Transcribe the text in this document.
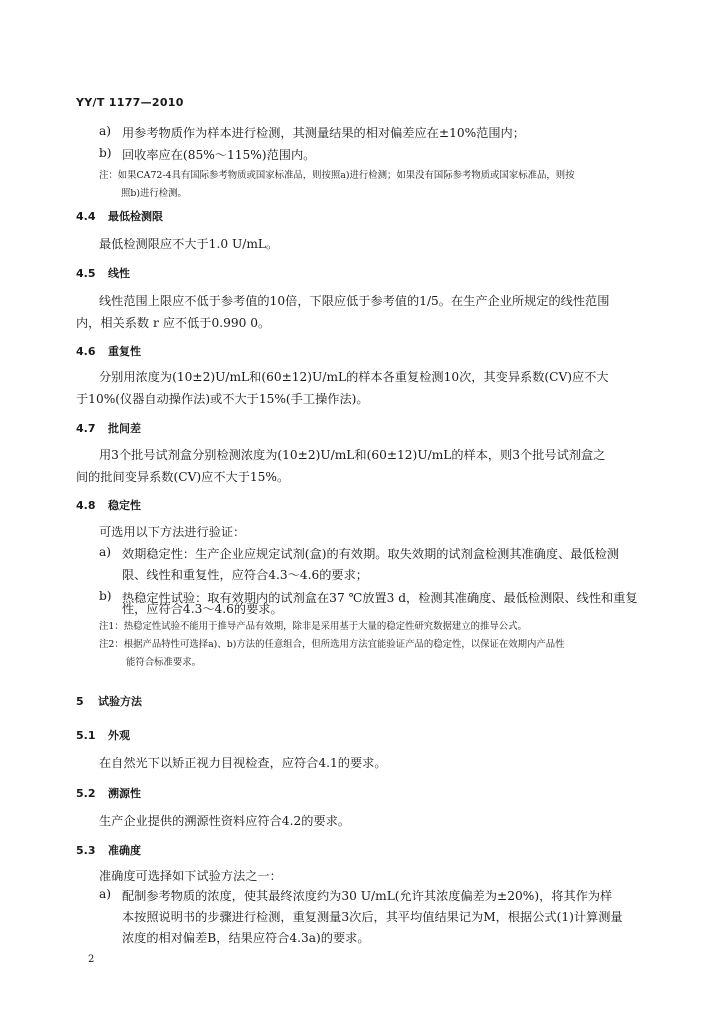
YY/T 1177—2010
a) 用参考物质作为样本进行检测，其测量结果的相对偏差应在±10%范围内；
b) 回收率应在(85%～115%)范围内。
注：如果CA72-4具有国际参考物质或国家标准品，则按照a)进行检测；如果没有国际参考物质或国家标准品，则按
照b)进行检测。
4.4 最低检测限
最低检测限应不大于1.0 U/mL。
4.5 线性
线性范围上限应不低于参考值的10倍，下限应低于参考值的1/5。在生产企业所规定的线性范围
内，相关系数 r 应不低于0.990 0。
4.6 重复性
分别用浓度为(10±2)U/mL和(60±12)U/mL的样本各重复检测10次，其变异系数(CV)应不大
于10%(仪器自动操作法)或不大于15%(手工操作法)。
4.7 批间差
用3个批号试剂盒分别检测浓度为(10±2)U/mL和(60±12)U/mL的样本，则3个批号试剂盒之
间的批间变异系数(CV)应不大于15%。
4.8 稳定性
可选用以下方法进行验证：
a) 效期稳定性：生产企业应规定试剂(盒)的有效期。取失效期的试剂盒检测其准确度、最低检测
限、线性和重复性，应符合4.3～4.6的要求；
b) 热稳定性试验：取有效期内的试剂盒在37 ℃放置3 d，检测其准确度、最低检测限、线性和重复
性，应符合4.3～4.6的要求。
注1：热稳定性试验不能用于推导产品有效期，除非是采用基于大量的稳定性研究数据建立的推导公式。
注2：根据产品特性可选择a)、b)方法的任意组合，但所选用方法宜能验证产品的稳定性，以保证在效期内产品性
能符合标准要求。
5 试验方法
5.1 外观
在自然光下以矫正视力目视检查，应符合4.1的要求。
5.2 溯源性
生产企业提供的溯源性资料应符合4.2的要求。
5.3 准确度
准确度可选择如下试验方法之一：
a) 配制参考物质的浓度，使其最终浓度约为30 U/mL(允许其浓度偏差为±20%)，将其作为样
本按照说明书的步骤进行检测，重复测量3次后，其平均值结果记为M，根据公式(1)计算测量
浓度的相对偏差B，结果应符合4.3a)的要求。
2
